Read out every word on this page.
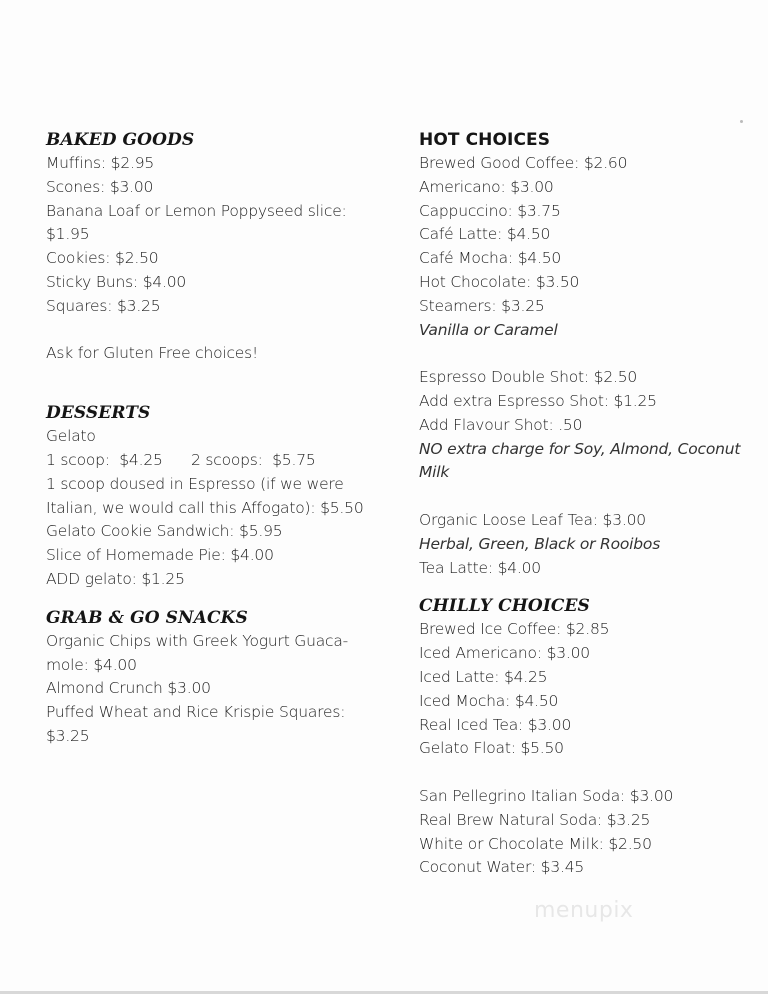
BAKED GOODS
Muffins: $2.95
Scones: $3.00
Banana Loaf or Lemon Poppyseed slice:
$1.95
Cookies: $2.50
Sticky Buns: $4.00
Squares: $3.25
Ask for Gluten Free choices!
DESSERTS
Gelato
1 scoop:  $4.25      2 scoops:  $5.75
1 scoop doused in Espresso (if we were
Italian, we would call this Affogato): $5.50
Gelato Cookie Sandwich: $5.95
Slice of Homemade Pie: $4.00
ADD gelato: $1.25
GRAB & GO SNACKS
Organic Chips with Greek Yogurt Guaca-
mole: $4.00
Almond Crunch $3.00
Puffed Wheat and Rice Krispie Squares:
$3.25
HOT CHOICES
Brewed Good Coffee: $2.60
Americano: $3.00
Cappuccino: $3.75
Café Latte: $4.50
Café Mocha: $4.50
Hot Chocolate: $3.50
Steamers: $3.25
Vanilla or Caramel
Espresso Double Shot: $2.50
Add extra Espresso Shot: $1.25
Add Flavour Shot: .50
NO extra charge for Soy, Almond, Coconut
Milk
Organic Loose Leaf Tea: $3.00
Herbal, Green, Black or Rooibos
Tea Latte: $4.00
CHILLY CHOICES
Brewed Ice Coffee: $2.85
Iced Americano: $3.00
Iced Latte: $4.25
Iced Mocha: $4.50
Real Iced Tea: $3.00
Gelato Float: $5.50
San Pellegrino Italian Soda: $3.00
Real Brew Natural Soda: $3.25
White or Chocolate Milk: $2.50
Coconut Water: $3.45
menupix
